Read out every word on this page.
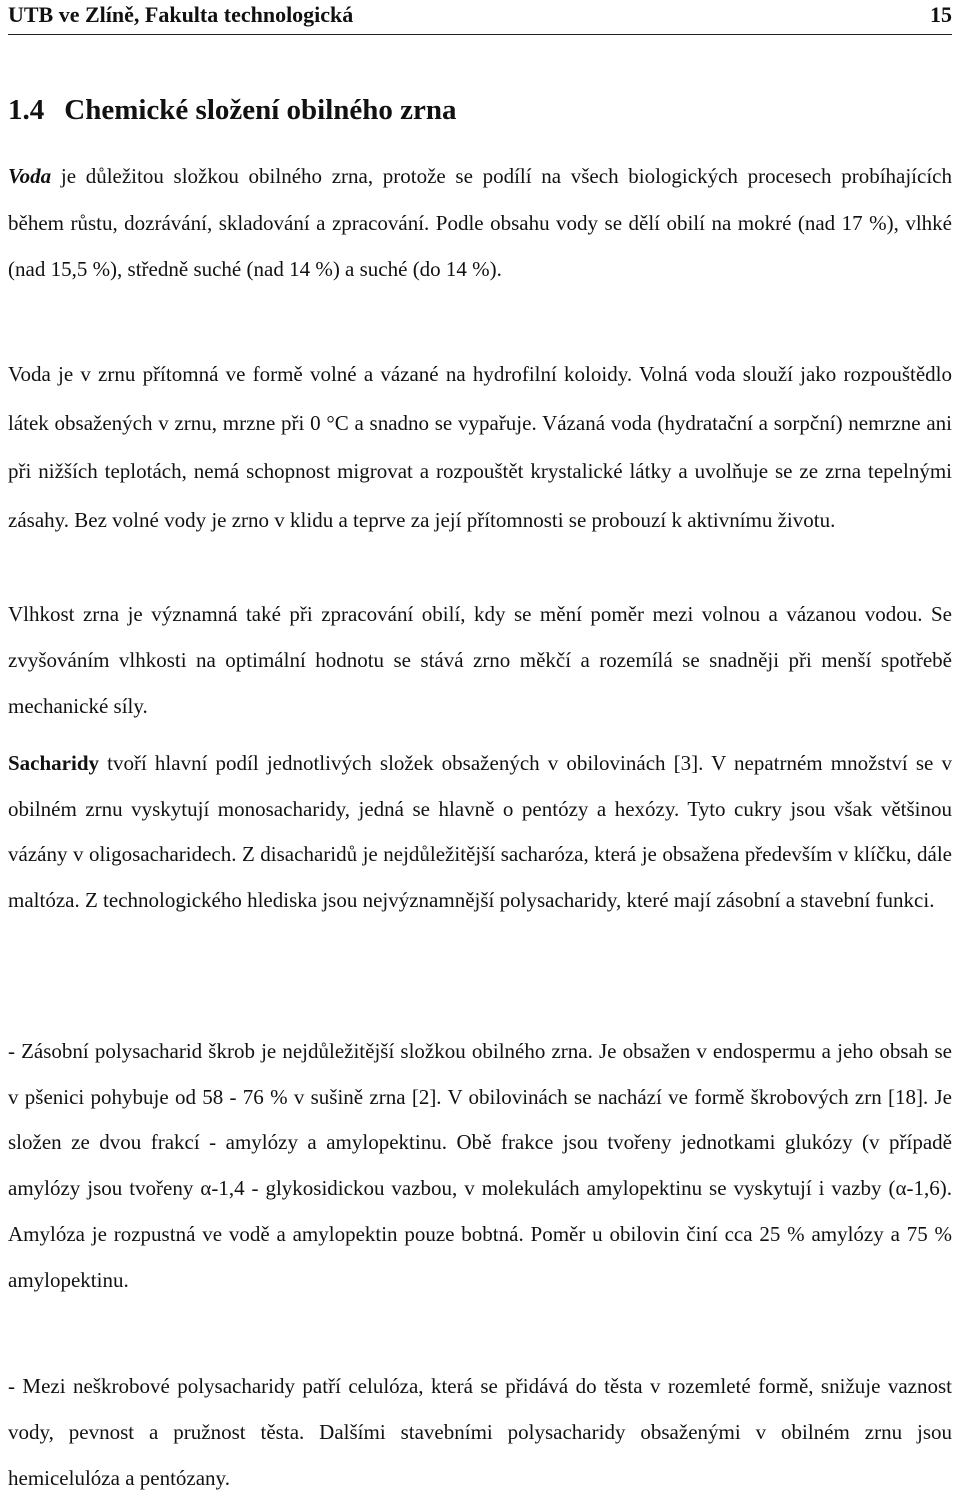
UTB ve Zlíně, Fakulta technologická	15
1.4 Chemické složení obilného zrna

Voda je důležitou složkou obilného zrna, protože se podílí na všech biologických procesech probíhajících během růstu, dozrávání, skladování a zpracování. Podle obsahu vody se dělí obilí na mokré (nad 17 %), vlhké (nad 15,5 %), středně suché (nad 14 %) a suché (do 14 %).

Voda je v zrnu přítomná ve formě volné a vázané na hydrofilní koloidy. Volná voda slouží jako rozpouštědlo látek obsažených v zrnu, mrzne při 0 °C a snadno se vypařuje. Vázaná voda (hydratační a sorpční) nemrzne ani při nižších teplotách, nemá schopnost migrovat a rozpouštět krystalické látky a uvolňuje se ze zrna tepelnými zásahy. Bez volné vody je zrno v klidu a teprve za její přítomnosti se probouzí k aktivnímu životu.

Vlhkost zrna je významná také při zpracování obilí, kdy se mění poměr mezi volnou a vázanou vodou. Se zvyšováním vlhkosti na optimální hodnotu se stává zrno měkčí a rozemílá se snadněji při menší spotřebě mechanické síly.

Sacharidy tvoří hlavní podíl jednotlivých složek obsažených v obilovinách [3]. V nepatrném množství se v obilném zrnu vyskytují monosacharidy, jedná se hlavně o pentózy a hexózy. Tyto cukry jsou však většinou vázány v oligosacharidech. Z disacharidů je nejdůležitější sacharóza, která je obsažena především v klíčku, dále maltóza. Z technologického hlediska jsou nejvýznamnější polysacharidy, které mají zásobní a stavební funkci.

- Zásobní polysacharid škrob je nejdůležitější složkou obilného zrna. Je obsažen v endospermu a jeho obsah se v pšenici pohybuje od 58 - 76 % v sušině zrna [2]. V obilovinách se nachází ve formě škrobových zrn [18]. Je složen ze dvou frakcí - amylózy a amylopektinu. Obě frakce jsou tvořeny jednotkami glukózy (v případě amylózy jsou tvořeny α-1,4 - glykosidickou vazbou, v molekulách amylopektinu se vyskytují i vazby (α-1,6). Amylóza je rozpustná ve vodě a amylopektin pouze bobtná. Poměr u obilovin činí cca 25 % amylózy a 75 % amylopektinu.

- Mezi neškrobové polysacharidy patří celulóza, která se přidává do těsta v rozemleté formě, snižuje vaznost vody, pevnost a pružnost těsta. Dalšími stavebními polysacharidy obsaženými v obilném zrnu jsou hemicelulóza a pentózany.
